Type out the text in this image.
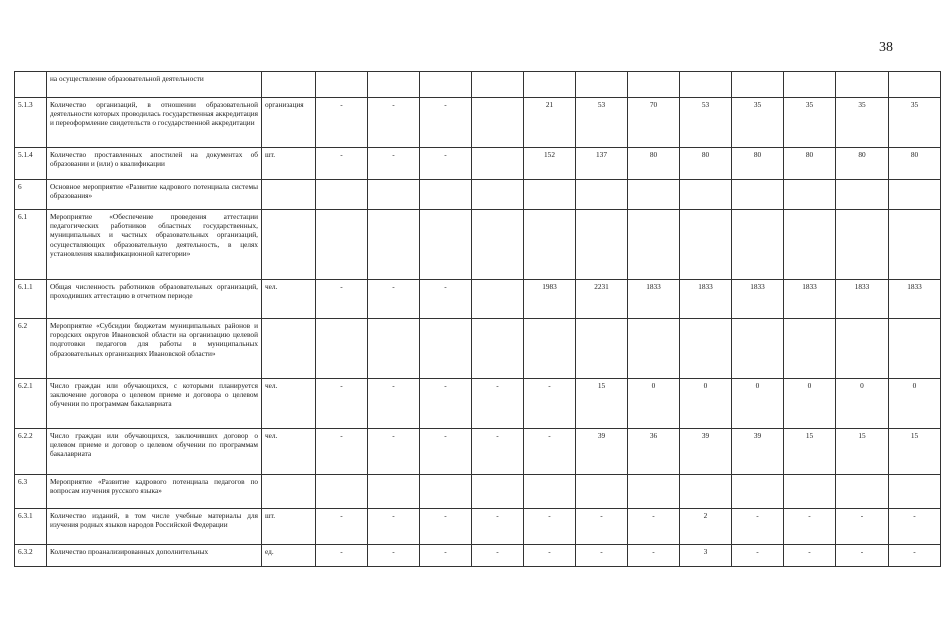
38
	на осуществление образовательной деятельности													
5.1.3	Количество организаций, в отношении образовательной деятельности которых проводилась государственная аккредитация и переоформление свидетельств о государственной аккредитации	организация	-	-	-		21	53	70	53	35	35	35	35
5.1.4	Количество проставленных апостилей на документах об образовании и (или) о квалификации	шт.	-	-	-		152	137	80	80	80	80	80	80
6	Основное мероприятие «Развитие кадрового потенциала системы образования»													
6.1	Мероприятие «Обеспечение проведения аттестации педагогических работников областных государственных, муниципальных и частных образовательных организаций, осуществляющих образовательную деятельность, в целях установления квалификационной категории»													
6.1.1	Общая численность работников образовательных организаций, проходивших аттестацию в отчетном периоде	чел.	-	-	-		1983	2231	1833	1833	1833	1833	1833	1833
6.2	Мероприятие «Субсидии бюджетам муниципальных районов и городских округов Ивановской области на организацию целевой подготовки педагогов для работы в муниципальных образовательных организациях Ивановской области»													
6.2.1	Число граждан или обучающихся, с которыми планируется заключение договора о целевом приеме и договора о целевом обучении по программам бакалавриата	чел.	-	-	-	-	-	15	0	0	0	0	0	0
6.2.2	Число граждан или обучающихся, заключивших договор о целевом приеме и договор о целевом обучении по программам бакалавриата	чел.	-	-	-	-	-	39	36	39	39	15	15	15
6.3	Мероприятие «Развитие кадрового потенциала педагогов по вопросам изучения русского языка»													
6.3.1	Количество изданий, в том числе учебные материалы для изучения родных языков народов Российской Федерации	шт.	-	-	-	-	-	-	-	2	-	-	-	-
6.3.2	Количество проанализированных дополнительных	ед.	-	-	-	-	-	-	-	3	-	-	-	-
